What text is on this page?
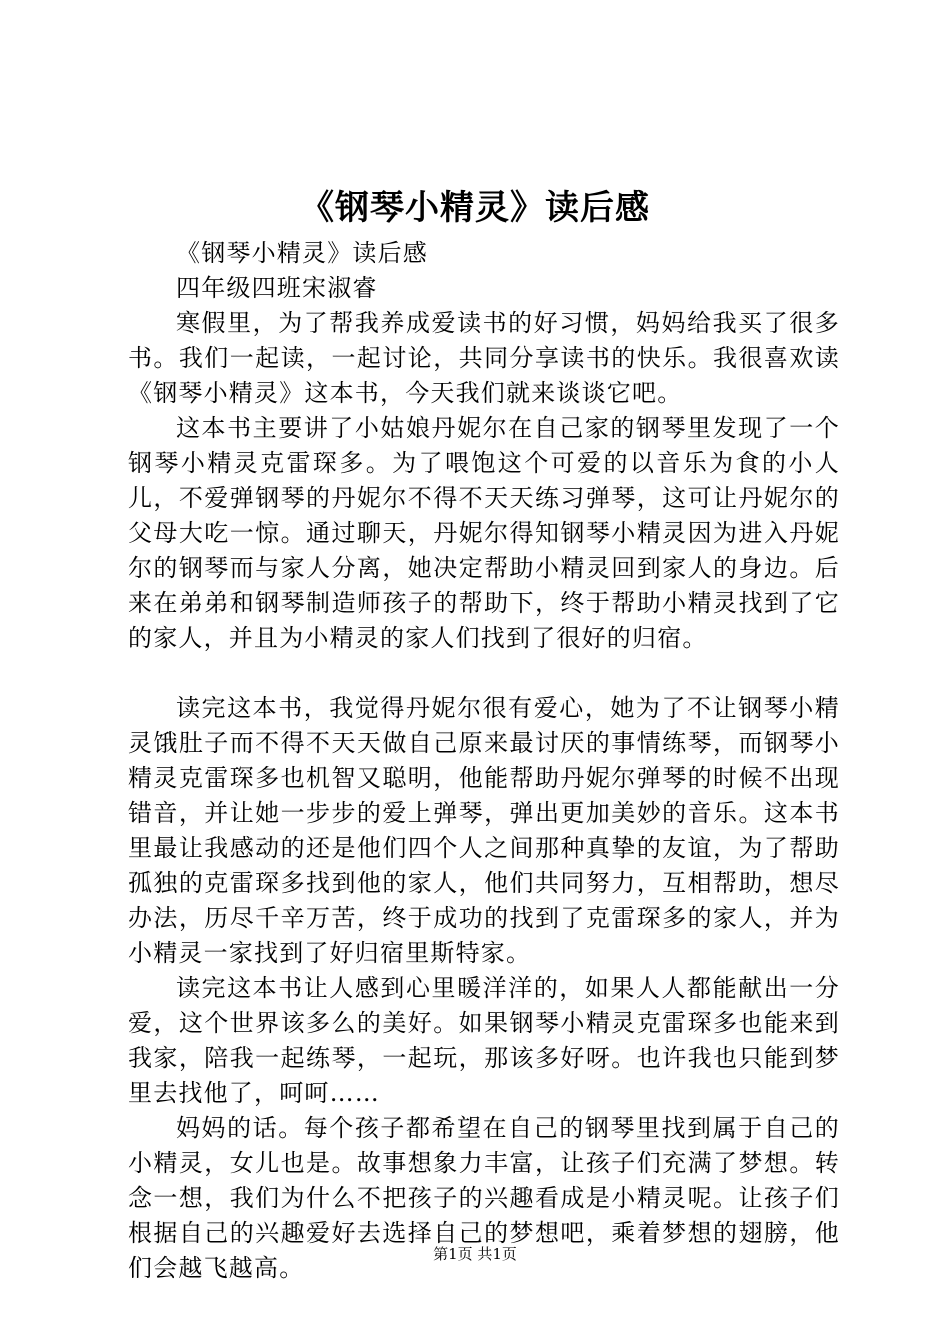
《钢琴小精灵》读后感

《钢琴小精灵》读后感

四年级四班宋淑睿

寒假里，为了帮我养成爱读书的好习惯，妈妈给我买了很多书。我们一起读，一起讨论，共同分享读书的快乐。我很喜欢读《钢琴小精灵》这本书，今天我们就来谈谈它吧。

这本书主要讲了小姑娘丹妮尔在自己家的钢琴里发现了一个钢琴小精灵克雷琛多。为了喂饱这个可爱的以音乐为食的小人儿，不爱弹钢琴的丹妮尔不得不天天练习弹琴，这可让丹妮尔的父母大吃一惊。通过聊天，丹妮尔得知钢琴小精灵因为进入丹妮尔的钢琴而与家人分离，她决定帮助小精灵回到家人的身边。后来在弟弟和钢琴制造师孩子的帮助下，终于帮助小精灵找到了它的家人，并且为小精灵的家人们找到了很好的归宿。

读完这本书，我觉得丹妮尔很有爱心，她为了不让钢琴小精灵饿肚子而不得不天天做自己原来最讨厌的事情练琴，而钢琴小精灵克雷琛多也机智又聪明，他能帮助丹妮尔弹琴的时候不出现错音，并让她一步步的爱上弹琴，弹出更加美妙的音乐。这本书里最让我感动的还是他们四个人之间那种真挚的友谊，为了帮助孤独的克雷琛多找到他的家人，他们共同努力，互相帮助，想尽办法，历尽千辛万苦，终于成功的找到了克雷琛多的家人，并为小精灵一家找到了好归宿里斯特家。

读完这本书让人感到心里暖洋洋的，如果人人都能献出一分爱，这个世界该多么的美好。如果钢琴小精灵克雷琛多也能来到我家，陪我一起练琴，一起玩，那该多好呀。也许我也只能到梦里去找他了，呵呵……

妈妈的话。每个孩子都希望在自己的钢琴里找到属于自己的小精灵，女儿也是。故事想象力丰富，让孩子们充满了梦想。转念一想，我们为什么不把孩子的兴趣看成是小精灵呢。让孩子们根据自己的兴趣爱好去选择自己的梦想吧，乘着梦想的翅膀，他们会越飞越高。	第1页 共1页
